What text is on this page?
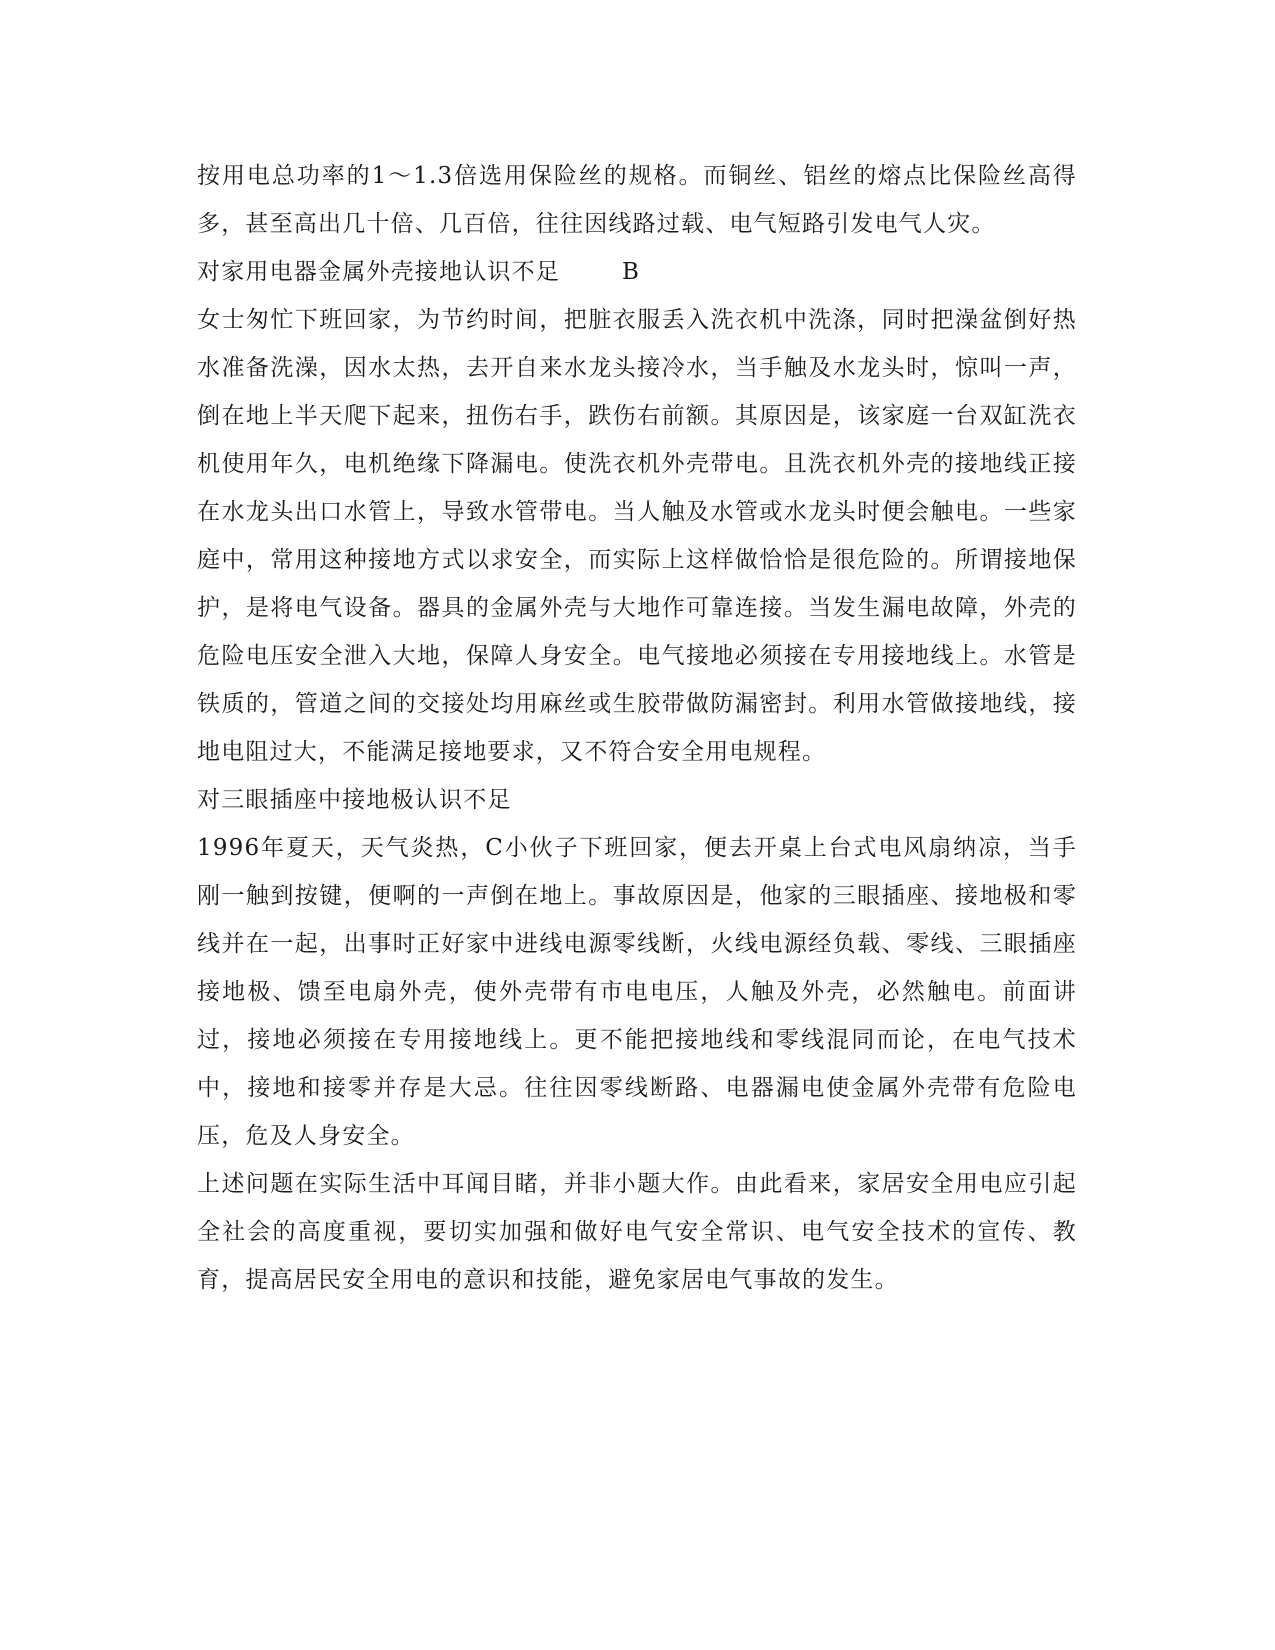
按用电总功率的1～1.3倍选用保险丝的规格。而铜丝、铝丝的熔点比保险丝高得多，甚至高出几十倍、几百倍，往往因线路过载、电气短路引发电气人灾。

对家用电器金属外壳接地认识不足	B

女士匆忙下班回家，为节约时间，把脏衣服丢入洗衣机中洗涤，同时把澡盆倒好热水准备洗澡，因水太热，去开自来水龙头接冷水，当手触及水龙头时，惊叫一声，倒在地上半天爬下起来，扭伤右手，跌伤右前额。其原因是，该家庭一台双缸洗衣机使用年久，电机绝缘下降漏电。使洗衣机外壳带电。且洗衣机外壳的接地线正接在水龙头出口水管上，导致水管带电。当人触及水管或水龙头时便会触电。一些家庭中，常用这种接地方式以求安全，而实际上这样做恰恰是很危险的。所谓接地保护，是将电气设备。器具的金属外壳与大地作可靠连接。当发生漏电故障，外壳的危险电压安全泄入大地，保障人身安全。电气接地必须接在专用接地线上。水管是铁质的，管道之间的交接处均用麻丝或生胶带做防漏密封。利用水管做接地线，接地电阻过大，不能满足接地要求，又不符合安全用电规程。

对三眼插座中接地极认识不足

1996年夏天，天气炎热，C小伙子下班回家，便去开桌上台式电风扇纳凉，当手刚一触到按键，便啊的一声倒在地上。事故原因是，他家的三眼插座、接地极和零线并在一起，出事时正好家中进线电源零线断，火线电源经负载、零线、三眼插座接地极、馈至电扇外壳，使外壳带有市电电压，人触及外壳，必然触电。前面讲过，接地必须接在专用接地线上。更不能把接地线和零线混同而论，在电气技术中，接地和接零并存是大忌。往往因零线断路、电器漏电使金属外壳带有危险电压，危及人身安全。

上述问题在实际生活中耳闻目睹，并非小题大作。由此看来，家居安全用电应引起全社会的高度重视，要切实加强和做好电气安全常识、电气安全技术的宣传、教育，提高居民安全用电的意识和技能，避免家居电气事故的发生。
